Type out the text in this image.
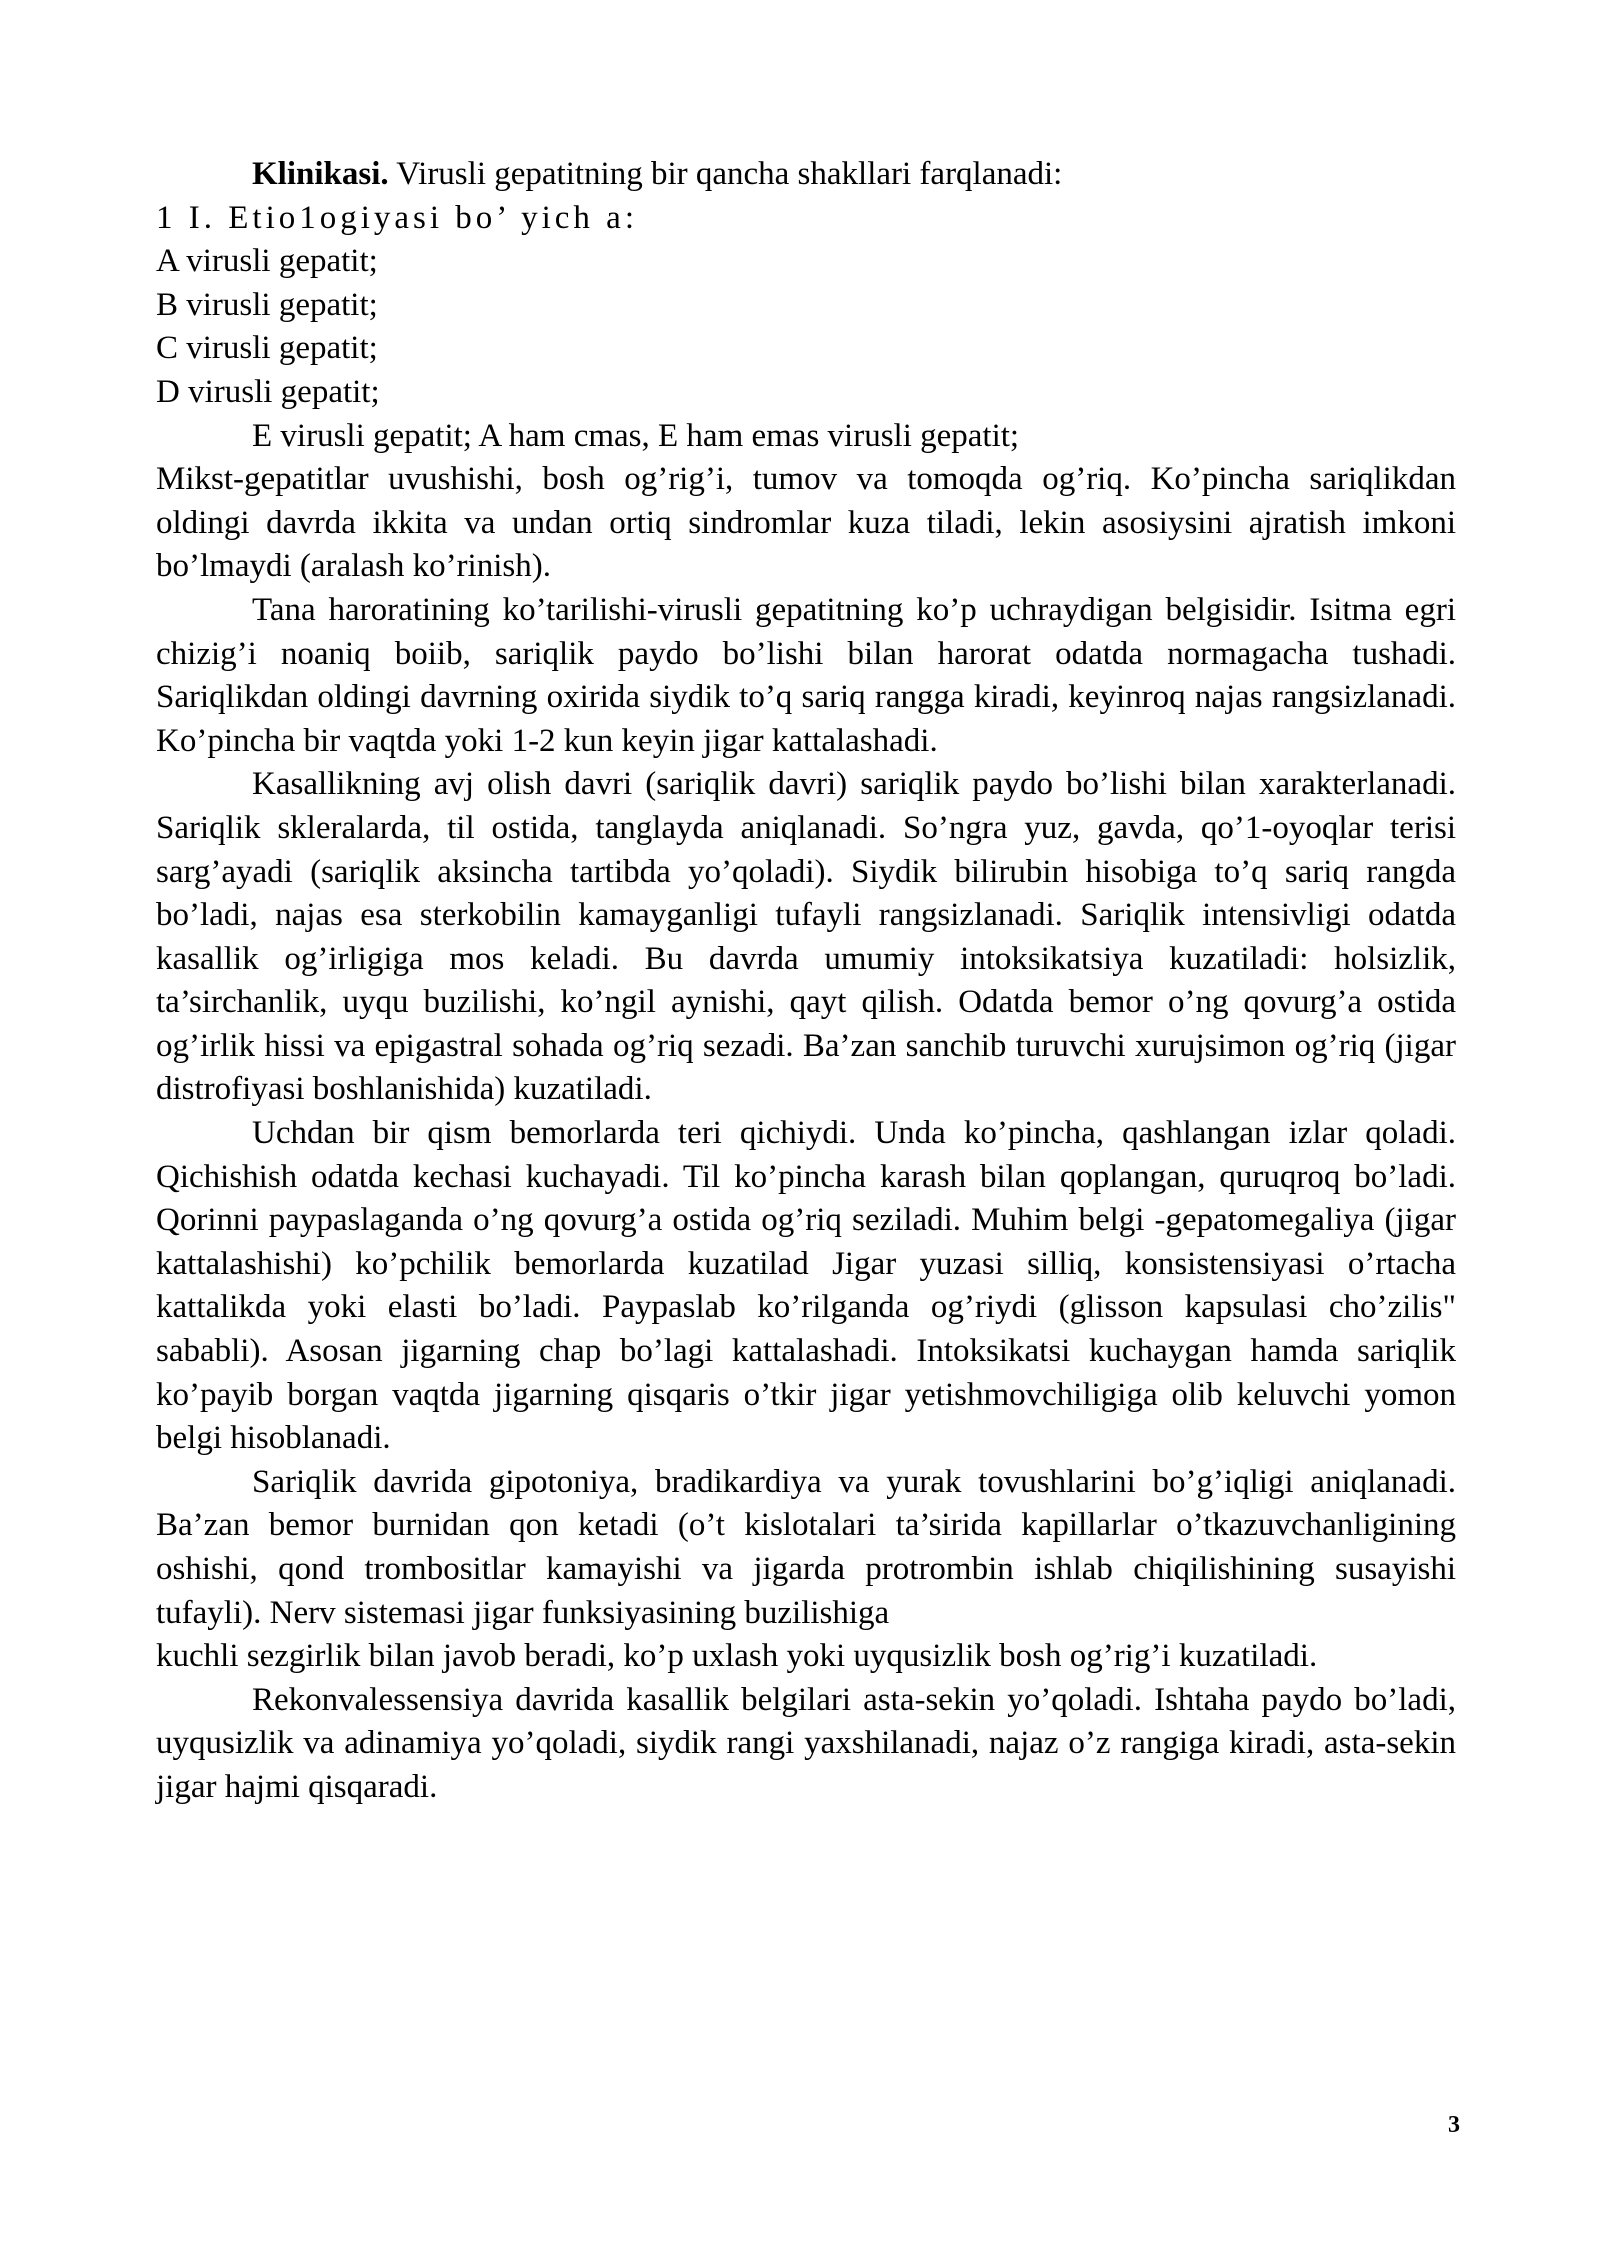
Klinikasi. Virusli gepatitning bir qancha shakllari farqlanadi:

1 I. Etio1ogiyasi bo’ yich a:

A virusli gepatit;

B virusli gepatit;

C virusli gepatit;

D virusli gepatit;

E virusli gepatit; A ham cmas, E ham emas virusli gepatit;

Mikst-gepatitlar uvushishi, bosh og’rig’i, tumov va tomoqda og’riq. Ko’pincha sariqlikdan oldingi davrda ikkita va undan ortiq sindromlar kuza tiladi, lekin asosiysini ajratish imkoni bo’lmaydi (aralash ko’rinish).

Tana haroratining ko’tarilishi-virusli gepatitning ko’p uchraydigan belgisidir. Isitma egri chizig’i noaniq boiib, sariqlik paydo bo’lishi bilan harorat odatda normagacha tushadi. Sariqlikdan oldingi davrning oxirida siydik to’q sariq rangga kiradi, keyinroq najas rangsizlanadi. Ko’pincha bir vaqtda yoki 1-2 kun keyin jigar kattalashadi.

Kasallikning avj olish davri (sariqlik davri) sariqlik paydo bo’lishi bilan xarakterlanadi. Sariqlik skleralarda, til ostida, tanglayda aniqlanadi. So’ngra yuz, gavda, qo’1-oyoqlar terisi sarg’ayadi (sariqlik aksincha tartibda yo’qoladi). Siydik bilirubin hisobiga to’q sariq rangda bo’ladi, najas esa sterkobilin kamayganligi tufayli rangsizlanadi. Sariqlik intensivligi odatda kasallik og’irligiga mos keladi. Bu davrda umumiy intoksikatsiya kuzatiladi: holsizlik, ta’sirchanlik, uyqu buzilishi, ko’ngil aynishi, qayt qilish. Odatda bemor o’ng qovurg’a ostida og’irlik hissi va epigastral sohada og’riq sezadi. Ba’zan sanchib turuvchi xurujsimon og’riq (jigar distrofiyasi boshlanishida) kuzatiladi.

Uchdan bir qism bemorlarda teri qichiydi. Unda ko’pincha, qashlangan izlar qoladi. Qichishish odatda kechasi kuchayadi. Til ko’pincha karash bilan qoplangan, quruqroq bo’ladi. Qorinni paypaslaganda o’ng qovurg’a ostida og’riq seziladi. Muhim belgi -gepatomegaliya (jigar kattalashishi) ko’pchilik bemorlarda kuzatilad Jigar yuzasi silliq, konsistensiyasi o’rtacha kattalikda yoki elasti bo’ladi. Paypaslab ko’rilganda og’riydi (glisson kapsulasi cho’zilis" sababli). Asosan jigarning chap bo’lagi kattalashadi. Intoksikatsi kuchaygan hamda sariqlik ko’payib borgan vaqtda jigarning qisqaris o’tkir jigar yetishmovchiligiga olib keluvchi yomon belgi hisoblanadi.

Sariqlik davrida gipotoniya, bradikardiya va yurak tovushlarini bo’g’iqligi aniqlanadi. Ba’zan bemor burnidan qon ketadi (o’t kislotalari ta’sirida kapillarlar o’tkazuvchanligining oshishi, qond trombositlar kamayishi va jigarda protrombin ishlab chiqilishining susayishi tufayli). Nerv sistemasi jigar funksiyasining buzilishiga

kuchli sezgirlik bilan javob beradi, ko’p uxlash yoki uyqusizlik bosh og’rig’i kuzatiladi.

Rekonvalessensiya davrida kasallik belgilari asta-sekin yo’qoladi. Ishtaha paydo bo’ladi, uyqusizlik va adinamiya yo’qoladi, siydik rangi yaxshilanadi, najaz o’z rangiga kiradi, asta-sekin jigar hajmi qisqaradi.

3
